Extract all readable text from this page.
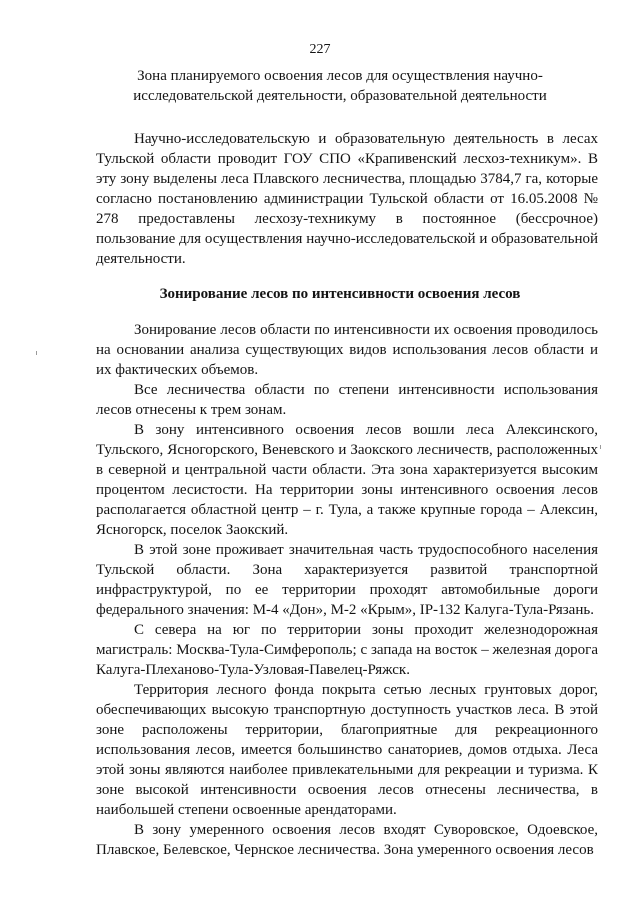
227
Зона планируемого освоения лесов для осуществления научно-исследовательской деятельности, образовательной деятельности

Научно-исследовательскую и образовательную деятельность в лесах Тульской области проводит ГОУ СПО «Крапивенский лесхоз-техникум». В эту зону выделены леса Плавского лесничества, площадью 3784,7 га, которые согласно постановлению администрации Тульской области от 16.05.2008 № 278 предоставлены лесхозу-техникуму в постоянное (бессрочное) пользование для осуществления научно-исследовательской и образовательной деятельности.

Зонирование лесов по интенсивности освоения лесов

Зонирование лесов области по интенсивности их освоения проводилось на основании анализа существующих видов использования лесов области и их фактических объемов.

Все лесничества области по степени интенсивности использования лесов отнесены к трем зонам.

В зону интенсивного освоения лесов вошли леса Алексинского, Тульского, Ясногорского, Веневского и Заокского лесничеств, расположенных в северной и центральной части области. Эта зона характеризуется высоким процентом лесистости. На территории зоны интенсивного освоения лесов располагается областной центр – г. Тула, а также крупные города – Алексин, Ясногорск, поселок Заокский.

В этой зоне проживает значительная часть трудоспособного населения Тульской области. Зона характеризуется развитой транспортной инфраструктурой, по ее территории проходят автомобильные дороги федерального значения: М-4 «Дон», М-2 «Крым», IP-132 Калуга-Тула-Рязань.

С севера на юг по территории зоны проходит железнодорожная магистраль: Москва-Тула-Симферополь; с запада на восток – железная дорога Калуга-Плеханово-Тула-Узловая-Павелец-Ряжск.

Территория лесного фонда покрыта сетью лесных грунтовых дорог, обеспечивающих высокую транспортную доступность участков леса. В этой зоне расположены территории, благоприятные для рекреационного использования лесов, имеется большинство санаториев, домов отдыха. Леса этой зоны являются наиболее привлекательными для рекреации и туризма. К зоне высокой интенсивности освоения лесов отнесены лесничества, в наибольшей степени освоенные арендаторами.

В зону умеренного освоения лесов входят Суворовское, Одоевское, Плавское, Белевское, Чернское лесничества. Зона умеренного освоения лесов
